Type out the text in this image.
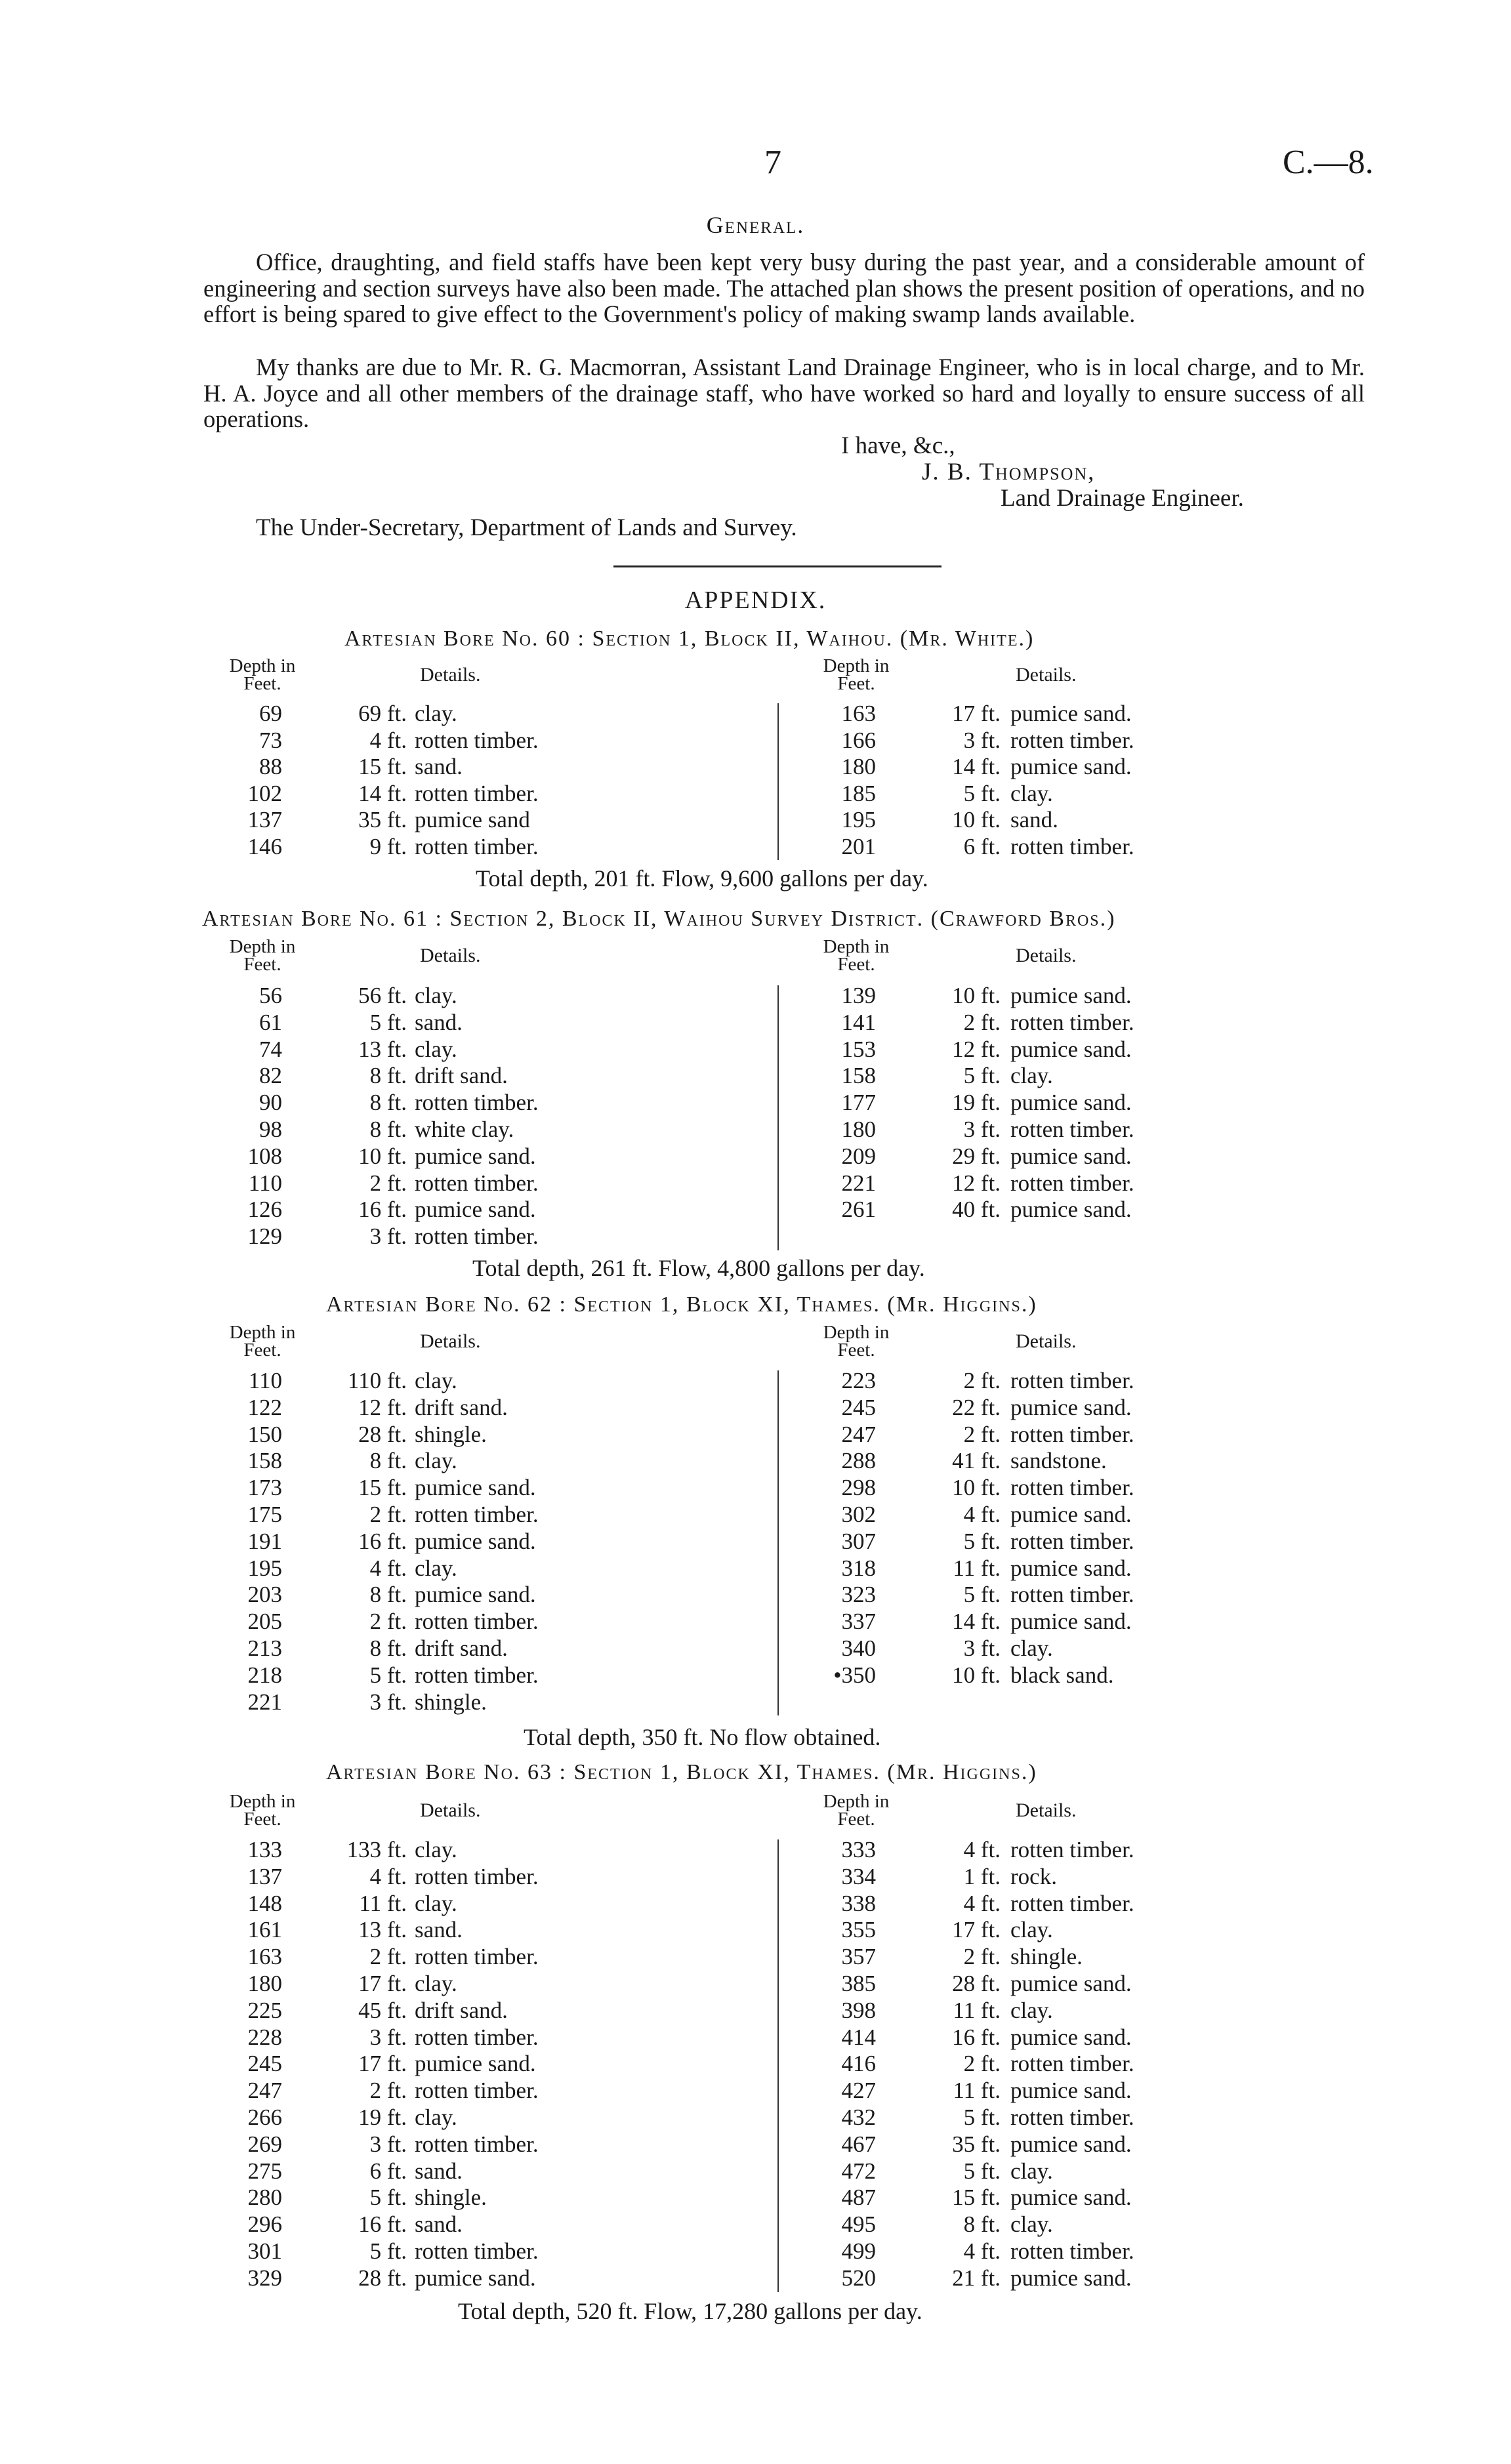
7	C.—8.
General.

Office, draughting, and field staffs have been kept very busy during the past year, and a considerable amount of engineering and section surveys have also been made. The attached plan shows the present position of operations, and no effort is being spared to give effect to the Government's policy of making swamp lands available.

My thanks are due to Mr. R. G. Macmorran, Assistant Land Drainage Engineer, who is in local charge, and to Mr. H. A. Joyce and all other members of the drainage staff, who have worked so hard and loyally to ensure success of all operations.

I have, &c.,
J. B. Thompson,
Land Drainage Engineer.
The Under-Secretary, Department of Lands and Survey.
APPENDIX.
Artesian Bore No. 60 : Section 1, Block II, Waihou. (Mr. White.)
Depth in
Feet.	Details.	Depth in
Feet.	Details.
69	69 ft. clay.
73	4 ft. rotten timber.
88	15 ft. sand.
102	14 ft. rotten timber.
137	35 ft. pumice sand
146	9 ft. rotten timber.
163	17 ft. pumice sand.
166	3 ft. rotten timber.
180	14 ft. pumice sand.
185	5 ft. clay.
195	10 ft. sand.
201	6 ft. rotten timber.
Total depth, 201 ft. Flow, 9,600 gallons per day.
Artesian Bore No. 61 : Section 2, Block II, Waihou Survey District. (Crawford Bros.)
Depth in
Feet.	Details.	Depth in
Feet.	Details.
56	56 ft. clay.
61	5 ft. sand.
74	13 ft. clay.
82	8 ft. drift sand.
90	8 ft. rotten timber.
98	8 ft. white clay.
108	10 ft. pumice sand.
110	2 ft. rotten timber.
126	16 ft. pumice sand.
129	3 ft. rotten timber.
139	10 ft. pumice sand.
141	2 ft. rotten timber.
153	12 ft. pumice sand.
158	5 ft. clay.
177	19 ft. pumice sand.
180	3 ft. rotten timber.
209	29 ft. pumice sand.
221	12 ft. rotten timber.
261	40 ft. pumice sand.
Total depth, 261 ft. Flow, 4,800 gallons per day.
Artesian Bore No. 62 : Section 1, Block XI, Thames. (Mr. Higgins.)
Depth in
Feet.	Details.	Depth in
Feet.	Details.
110	110 ft. clay.
122	12 ft. drift sand.
150	28 ft. shingle.
158	8 ft. clay.
173	15 ft. pumice sand.
175	2 ft. rotten timber.
191	16 ft. pumice sand.
195	4 ft. clay.
203	8 ft. pumice sand.
205	2 ft. rotten timber.
213	8 ft. drift sand.
218	5 ft. rotten timber.
221	3 ft. shingle.
223	2 ft. rotten timber.
245	22 ft. pumice sand.
247	2 ft. rotten timber.
288	41 ft. sandstone.
298	10 ft. rotten timber.
302	4 ft. pumice sand.
307	5 ft. rotten timber.
318	11 ft. pumice sand.
323	5 ft. rotten timber.
337	14 ft. pumice sand.
340	3 ft. clay.
•350	10 ft. black sand.
Total depth, 350 ft. No flow obtained.
Artesian Bore No. 63 : Section 1, Block XI, Thames. (Mr. Higgins.)
Depth in
Feet.	Details.	Depth in
Feet.	Details.
133	133 ft. clay.
137	4 ft. rotten timber.
148	11 ft. clay.
161	13 ft. sand.
163	2 ft. rotten timber.
180	17 ft. clay.
225	45 ft. drift sand.
228	3 ft. rotten timber.
245	17 ft. pumice sand.
247	2 ft. rotten timber.
266	19 ft. clay.
269	3 ft. rotten timber.
275	6 ft. sand.
280	5 ft. shingle.
296	16 ft. sand.
301	5 ft. rotten timber.
329	28 ft. pumice sand.
333	4 ft. rotten timber.
334	1 ft. rock.
338	4 ft. rotten timber.
355	17 ft. clay.
357	2 ft. shingle.
385	28 ft. pumice sand.
398	11 ft. clay.
414	16 ft. pumice sand.
416	2 ft. rotten timber.
427	11 ft. pumice sand.
432	5 ft. rotten timber.
467	35 ft. pumice sand.
472	5 ft. clay.
487	15 ft. pumice sand.
495	8 ft. clay.
499	4 ft. rotten timber.
520	21 ft. pumice sand.
Total depth, 520 ft. Flow, 17,280 gallons per day.
